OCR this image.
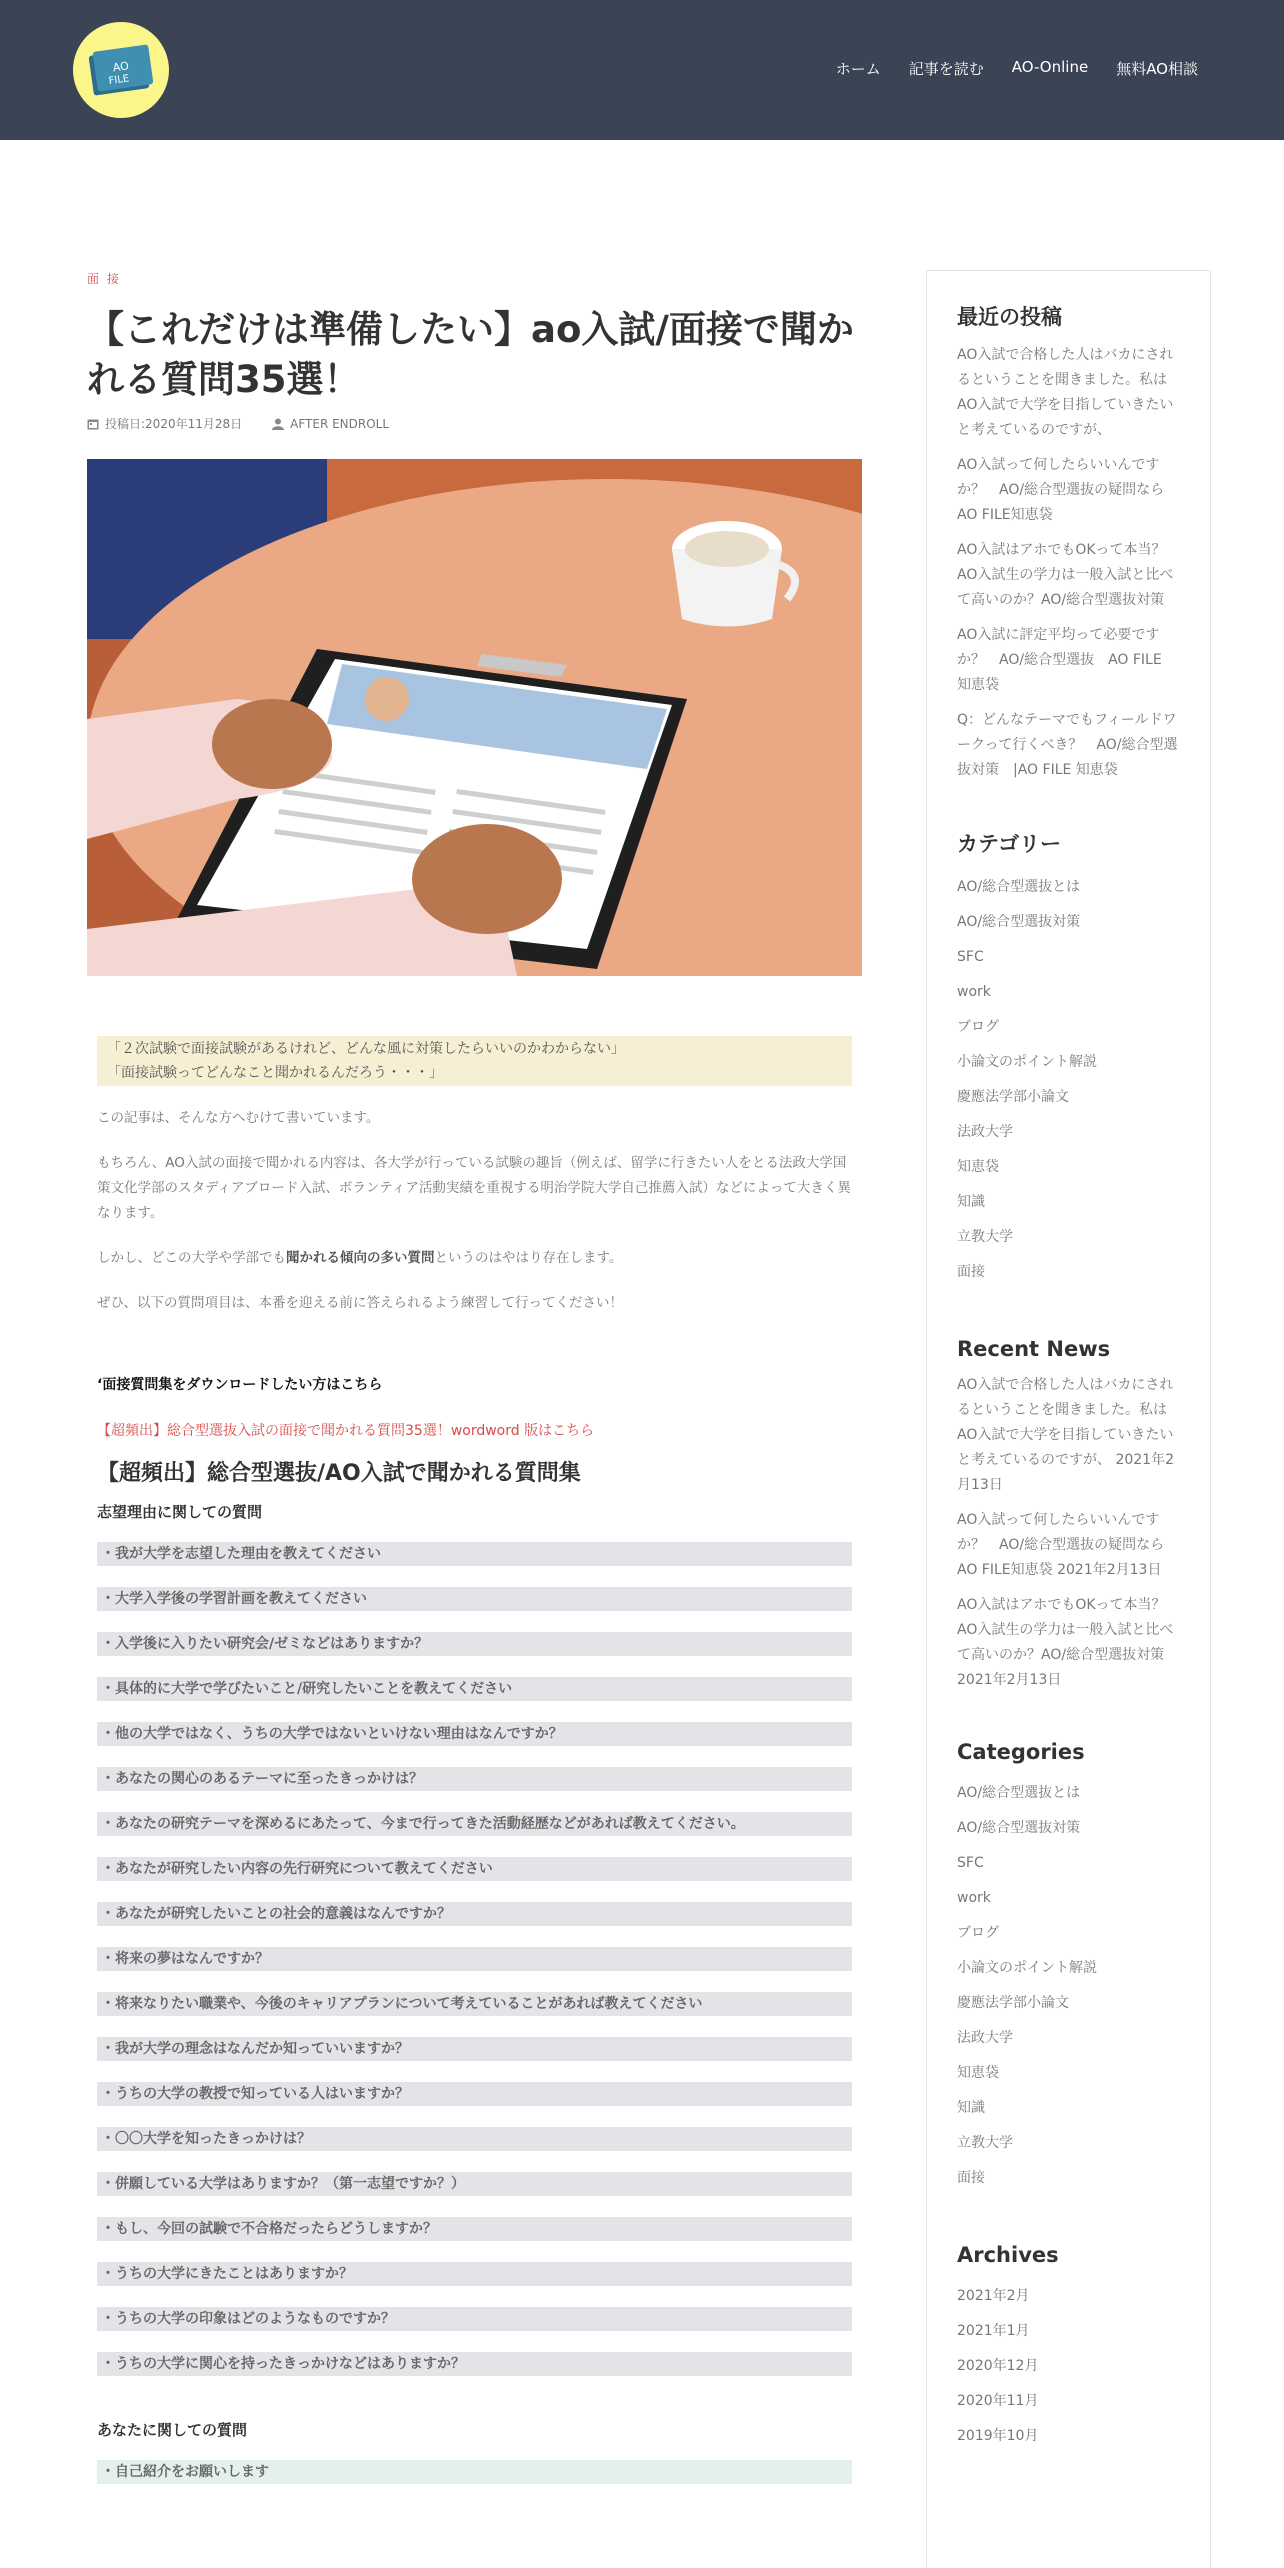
AO
FILE
ホーム 記事を読む AO-Online 無料AO相談
面 接
【これだけは準備したい】ao入試/面接で聞かれる質問35選！
投稿日:2020年11月28日	AFTER ENDROLL
「２次試験で面接試験があるけれど、どんな風に対策したらいいのかわからない」
「面接試験ってどんなこと聞かれるんだろう・・・」

この記事は、そんな方へむけて書いています。

もちろん、AO入試の面接で聞かれる内容は、各大学が行っている試験の趣旨（例えば、留学に行きたい人をとる法政大学国策文化学部のスタディアブロード入試、ボランティア活動実績を重視する明治学院大学自己推薦入試）などによって大きく異なります。

しかし、どこの大学や学部でも聞かれる傾向の多い質問というのはやはり存在します。

ぜひ、以下の質問項目は、本番を迎える前に答えられるよう練習して行ってください！

‘面接質問集をダウンロードしたい方はこちら
【超頻出】総合型選抜入試の面接で聞かれる質問35選！wordword 版はこちら
【超頻出】総合型選抜/AO入試で聞かれる質問集
志望理由に関しての質問
・我が大学を志望した理由を教えてください
・大学入学後の学習計画を教えてください
・入学後に入りたい研究会/ゼミなどはありますか？
・具体的に大学で学びたいこと/研究したいことを教えてください
・他の大学ではなく、うちの大学ではないといけない理由はなんですか？
・あなたの関心のあるテーマに至ったきっかけは？
・あなたの研究テーマを深めるにあたって、今まで行ってきた活動経歴などがあれば教えてください。
・あなたが研究したい内容の先行研究について教えてください
・あなたが研究したいことの社会的意義はなんですか？
・将来の夢はなんですか？
・将来なりたい職業や、今後のキャリアプランについて考えていることがあれば教えてください
・我が大学の理念はなんだか知っていいますか？
・うちの大学の教授で知っている人はいますか？
・〇〇大学を知ったきっかけは？
・併願している大学はありますか？（第一志望ですか？）
・もし、今回の試験で不合格だったらどうしますか？
・うちの大学にきたことはありますか？
・うちの大学の印象はどのようなものですか？
・うちの大学に関心を持ったきっかけなどはありますか？
あなたに関しての質問
・自己紹介をお願いします
最近の投稿
AO入試で合格した人はバカにされるということを聞きました。私はAO入試で大学を目指していきたいと考えているのですが、
AO入試って何したらいいんですか？　AO/総合型選抜の疑問ならAO FILE知恵袋
AO入試はアホでもOKって本当？AO入試生の学力は一般入試と比べて高いのか？AO/総合型選抜対策
AO入試に評定平均って必要ですか？　AO/総合型選抜　AO FILE 知恵袋
Q：どんなテーマでもフィールドワークって行くべき？　AO/総合型選抜対策　|AO FILE 知恵袋
カテゴリー
AO/総合型選抜とは
AO/総合型選抜対策
SFC
work
ブログ
小論文のポイント解説
慶應法学部小論文
法政大学
知恵袋
知識
立教大学
面接
Recent News
AO入試で合格した人はバカにされるということを聞きました。私はAO入試で大学を目指していきたいと考えているのですが、 2021年2月13日
AO入試って何したらいいんですか？　AO/総合型選抜の疑問ならAO FILE知恵袋 2021年2月13日
AO入試はアホでもOKって本当？AO入試生の学力は一般入試と比べて高いのか？AO/総合型選抜対策 2021年2月13日
Categories
AO/総合型選抜とは
AO/総合型選抜対策
SFC
work
ブログ
小論文のポイント解説
慶應法学部小論文
法政大学
知恵袋
知識
立教大学
面接
Archives
2021年2月
2021年1月
2020年12月
2020年11月
2019年10月
